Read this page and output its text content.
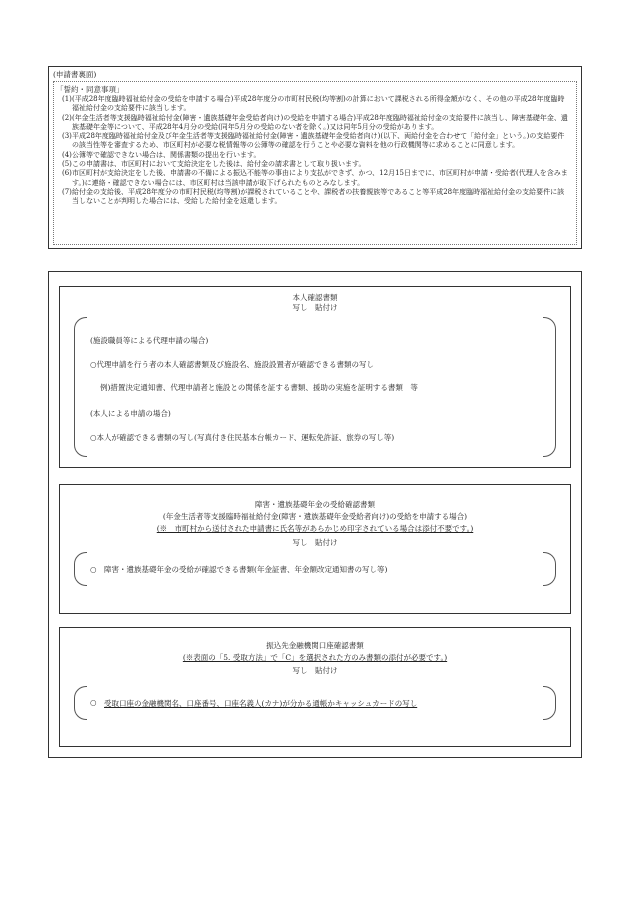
(申請書裏面)
「誓約・同意事項」
(1) (平成28年度臨時福祉給付金の受給を申請する場合)平成28年度分の市町村民税(均等割)の計算において課税される所得金額がなく、その他の平成28年度臨時福祉給付金の支給要件に該当します。
(2) (年金生活者等支援臨時福祉給付金(障害・遺族基礎年金受給者向け)の受給を申請する場合)平成28年度臨時福祉給付金の支給要件に該当し、障害基礎年金、遺族基礎年金等について、平成28年4月分の受給(同年5月分の受給のない者を除く。)又は同年5月分の受給があります。
(3) 平成28年度臨時福祉給付金及び年金生活者等支援臨時福祉給付金(障害・遺族基礎年金受給者向け)(以下、両給付金を合わせて「給付金」という。)の支給要件の該当性等を審査するため、市区町村が必要な税情報等の公簿等の確認を行うことや必要な資料を他の行政機関等に求めることに同意します。
(4) 公簿等で確認できない場合は、関係書類の提出を行います。
(5) この申請書は、市区町村において支給決定をした後は、給付金の請求書として取り扱います。
(6) 市区町村が支給決定をした後、申請書の不備による振込不能等の事由により支払ができず、かつ、12月15日までに、市区町村が申請・受給者(代理人を含みます。)に連絡・確認できない場合には、市区町村は当該申請が取下げられたものとみなします。
(7) 給付金の支給後、平成28年度分の市町村民税(均等割)が課税されていることや、課税者の扶養親族等であること等平成28年度臨時福祉給付金の支給要件に該当しないことが判明した場合には、受給した給付金を返還します。
本人確認書類
写し　貼付け
(施設職員等による代理申請の場合)
○代理申請を行う者の本人確認書類及び施設名、施設設置者が確認できる書類の写し
例)措置決定通知書、代理申請者と施設との関係を証する書類、援助の実施を証明する書類　等
(本人による申請の場合)
○本人が確認できる書類の写し(写真付き住民基本台帳カード、運転免許証、旅券の写し等)
障害・遺族基礎年金の受給確認書類
(年金生活者等支援臨時福祉給付金(障害・遺族基礎年金受給者向け)の受給を申請する場合)
(※　市町村から送付された申請書に氏名等があらかじめ印字されている場合は添付不要です。)
写し　貼付け
○　障害・遺族基礎年金の受給が確認できる書類(年金証書、年金額改定通知書の写し等)
振込先金融機関口座確認書類
(※表面の「5. 受取方法」で「C」を選択された方のみ書類の添付が必要です。)
写し　貼付け
○ 受取口座の金融機関名、口座番号、口座名義人(カナ)が分かる通帳かキャッシュカードの写し
